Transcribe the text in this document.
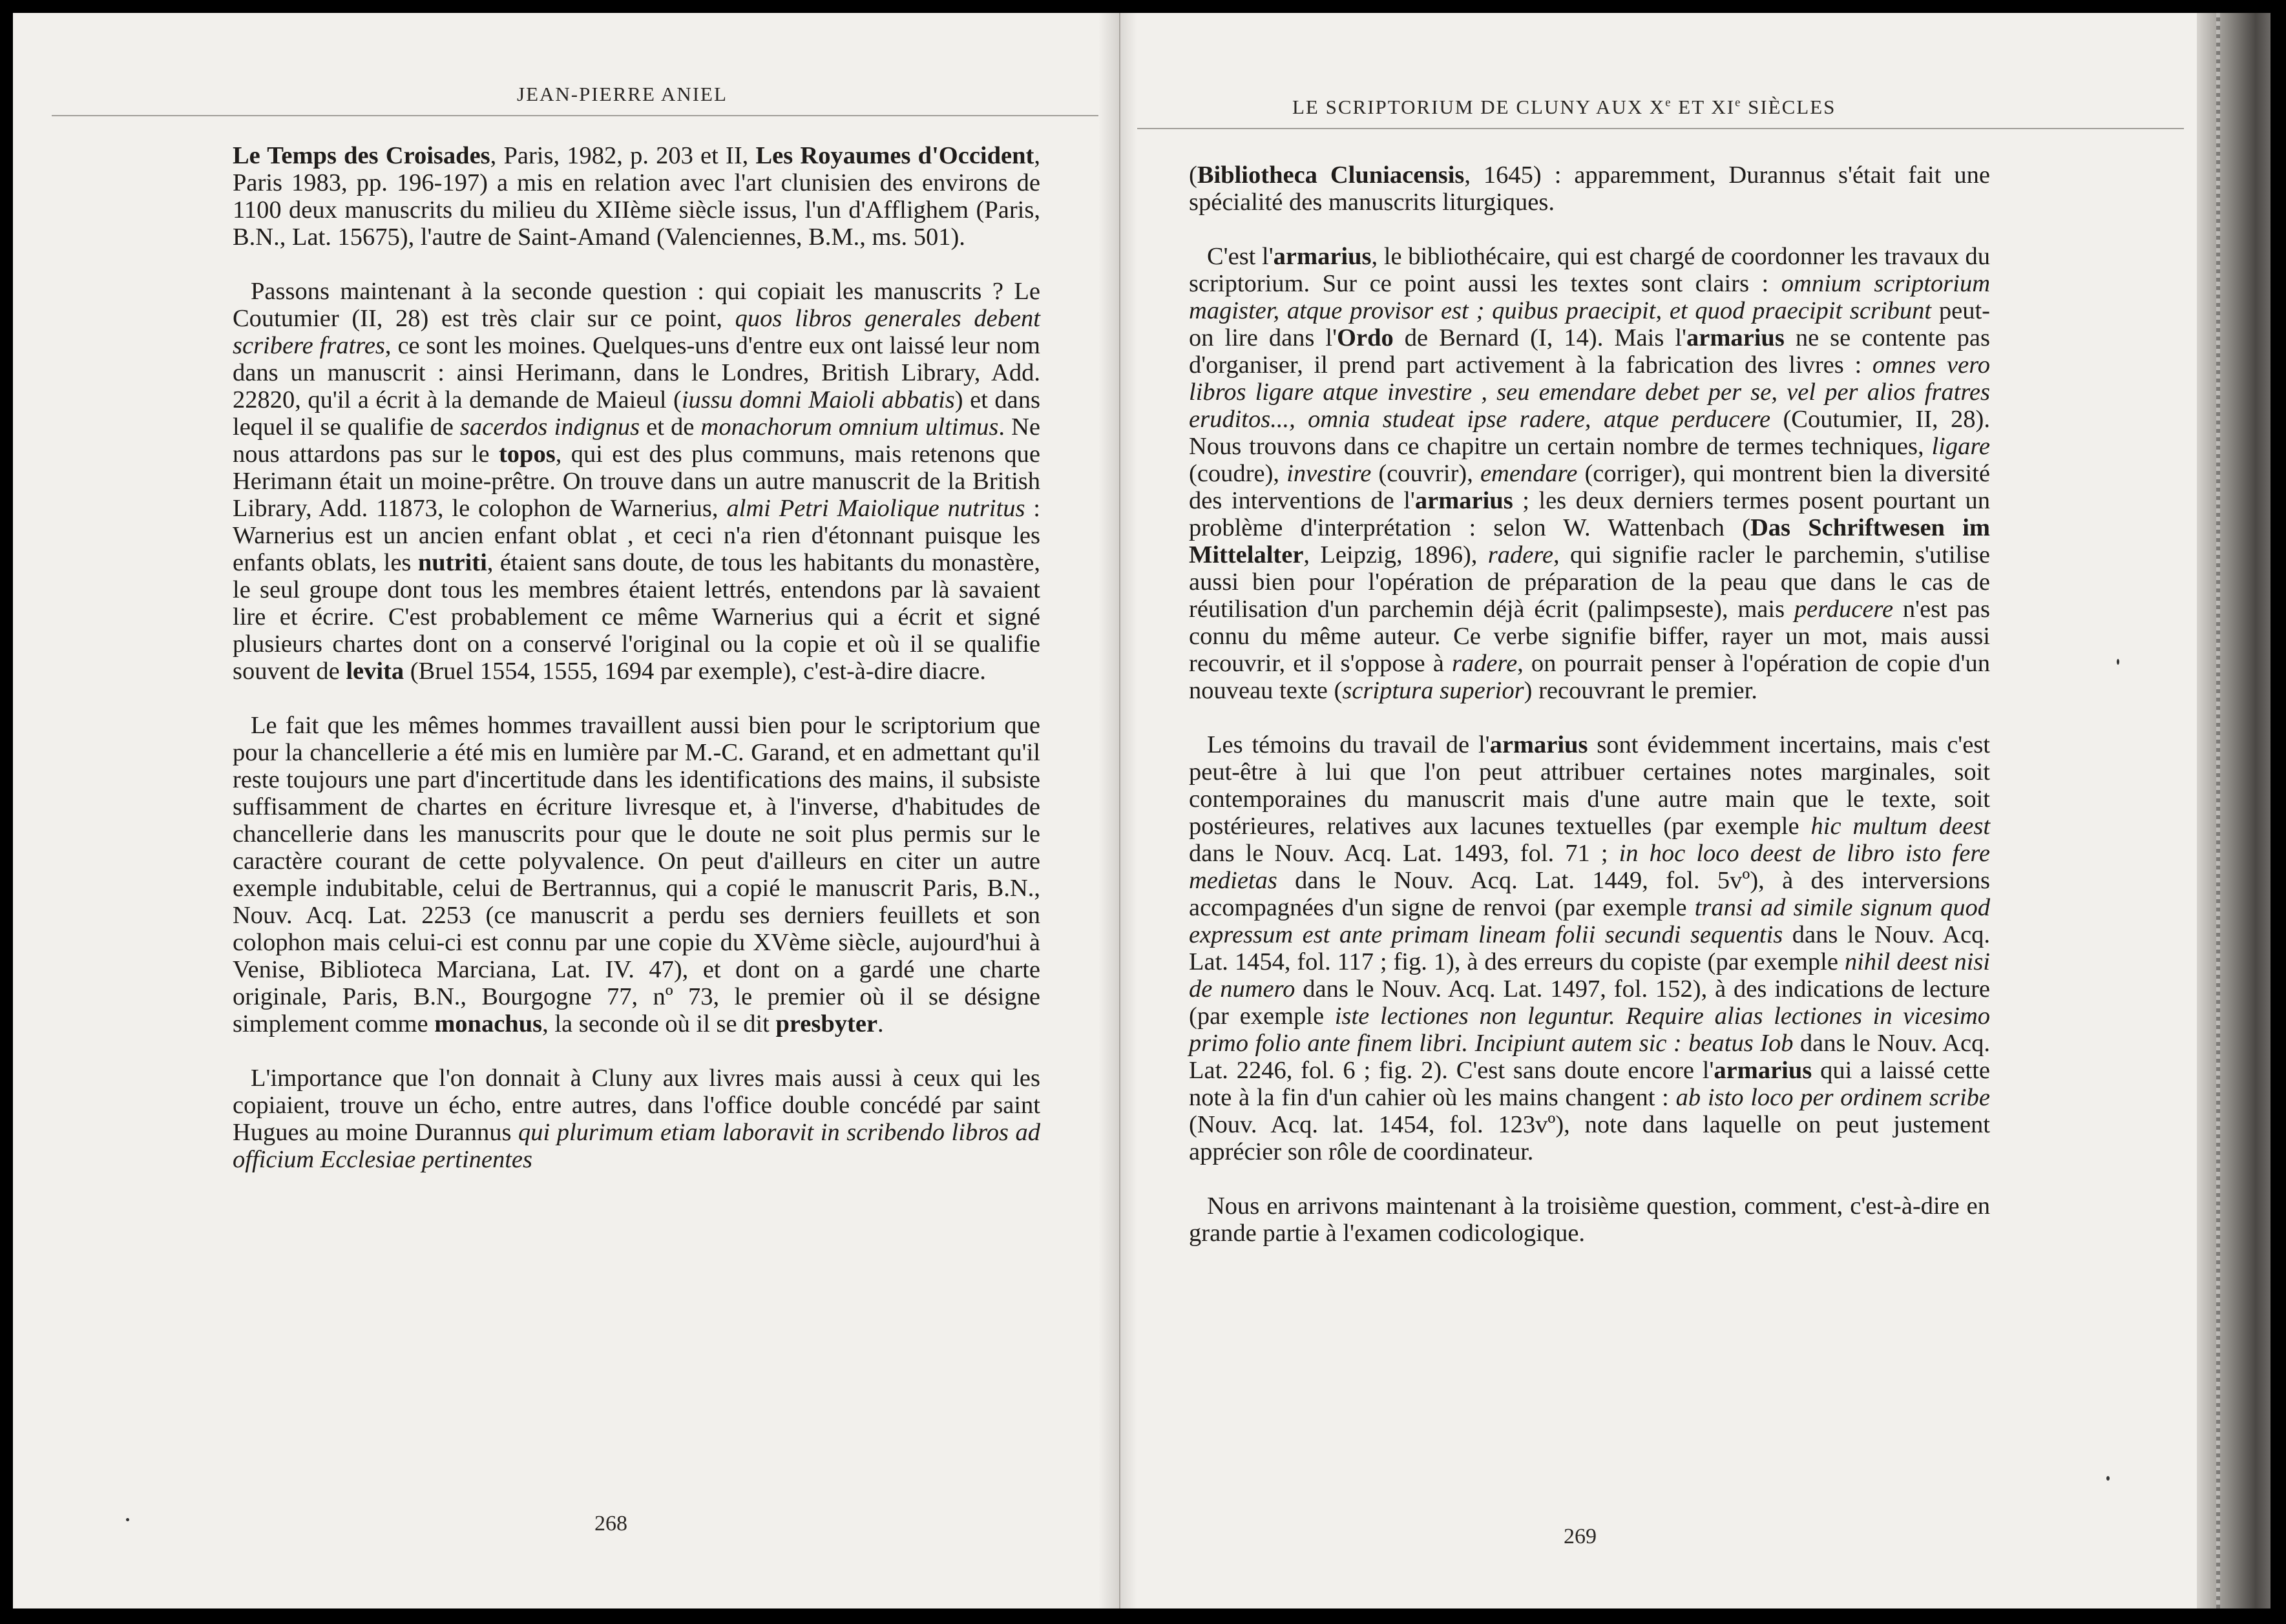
JEAN-PIERRE ANIEL

Le Temps des Croisades, Paris, 1982, p. 203 et II, Les Royaumes d'Occident, Paris 1983, pp. 196-197) a mis en relation avec l'art clunisien des environs de 1100 deux manuscrits du milieu du XIIème siècle issus, l'un d'Afflighem (Paris, B.N., Lat. 15675), l'autre de Saint-Amand (Valenciennes, B.M., ms. 501).

Passons maintenant à la seconde question : qui copiait les manuscrits ? Le Coutumier (II, 28) est très clair sur ce point, quos libros generales debent scribere fratres, ce sont les moines. Quelques-uns d'entre eux ont laissé leur nom dans un manuscrit : ainsi Herimann, dans le Londres, British Library, Add. 22820, qu'il a écrit à la demande de Maieul (iussu domni Maioli abbatis) et dans lequel il se qualifie de sacerdos indignus et de monachorum omnium ultimus. Ne nous attardons pas sur le topos, qui est des plus communs, mais retenons que Herimann était un moine-prêtre. On trouve dans un autre manuscrit de la British Library, Add. 11873, le colophon de Warnerius, almi Petri Maiolique nutritus : Warnerius est un ancien enfant oblat , et ceci n'a rien d'étonnant puisque les enfants oblats, les nutriti, étaient sans doute, de tous les habitants du monastère, le seul groupe dont tous les membres étaient lettrés, entendons par là savaient lire et écrire. C'est probablement ce même Warnerius qui a écrit et signé plusieurs chartes dont on a conservé l'original ou la copie et où il se qualifie souvent de levita (Bruel 1554, 1555, 1694 par exemple), c'est-à-dire diacre.

Le fait que les mêmes hommes travaillent aussi bien pour le scriptorium que pour la chancellerie a été mis en lumière par M.-C. Garand, et en admettant qu'il reste toujours une part d'incertitude dans les identifications des mains, il subsiste suffisamment de chartes en écriture livresque et, à l'inverse, d'habitudes de chancellerie dans les manuscrits pour que le doute ne soit plus permis sur le caractère courant de cette polyvalence. On peut d'ailleurs en citer un autre exemple indubitable, celui de Bertrannus, qui a copié le manuscrit Paris, B.N., Nouv. Acq. Lat. 2253 (ce manuscrit a perdu ses derniers feuillets et son colophon mais celui-ci est connu par une copie du XVème siècle, aujourd'hui à Venise, Biblioteca Marciana, Lat. IV. 47), et dont on a gardé une charte originale, Paris, B.N., Bourgogne 77, nº 73, le premier où il se désigne simplement comme monachus, la seconde où il se dit presbyter.

L'importance que l'on donnait à Cluny aux livres mais aussi à ceux qui les copiaient, trouve un écho, entre autres, dans l'office double concédé par saint Hugues au moine Durannus qui plurimum etiam laboravit in scribendo libros ad officium Ecclesiae pertinentes

268
LE SCRIPTORIUM DE CLUNY AUX Xe ET XIe SIÈCLES

(Bibliotheca Cluniacensis, 1645) : apparemment, Durannus s'était fait une spécialité des manuscrits liturgiques.

C'est l'armarius, le bibliothécaire, qui est chargé de coordonner les travaux du scriptorium. Sur ce point aussi les textes sont clairs : omnium scriptorium magister, atque provisor est ; quibus praecipit, et quod praecipit scribunt peut-on lire dans l'Ordo de Bernard (I, 14). Mais l'armarius ne se contente pas d'organiser, il prend part activement à la fabrication des livres : omnes vero libros ligare atque investire , seu emendare debet per se, vel per alios fratres eruditos..., omnia studeat ipse radere, atque perducere (Coutumier, II, 28). Nous trouvons dans ce chapitre un certain nombre de termes techniques, ligare (coudre), investire (couvrir), emendare (corriger), qui montrent bien la diversité des interventions de l'armarius ; les deux derniers termes posent pourtant un problème d'interprétation : selon W. Wattenbach (Das Schriftwesen im Mittelalter, Leipzig, 1896), radere, qui signifie racler le parchemin, s'utilise aussi bien pour l'opération de préparation de la peau que dans le cas de réutilisation d'un parchemin déjà écrit (palimpseste), mais perducere n'est pas connu du même auteur. Ce verbe signifie biffer, rayer un mot, mais aussi recouvrir, et il s'oppose à radere, on pourrait penser à l'opération de copie d'un nouveau texte (scriptura superior) recouvrant le premier.

Les témoins du travail de l'armarius sont évidemment incertains, mais c'est peut-être à lui que l'on peut attribuer certaines notes marginales, soit contemporaines du manuscrit mais d'une autre main que le texte, soit postérieures, relatives aux lacunes textuelles (par exemple hic multum deest dans le Nouv. Acq. Lat. 1493, fol. 71 ; in hoc loco deest de libro isto fere medietas dans le Nouv. Acq. Lat. 1449, fol. 5vº), à des interversions accompagnées d'un signe de renvoi (par exemple transi ad simile signum quod expressum est ante primam lineam folii secundi sequentis dans le Nouv. Acq. Lat. 1454, fol. 117 ; fig. 1), à des erreurs du copiste (par exemple nihil deest nisi de numero dans le Nouv. Acq. Lat. 1497, fol. 152), à des indications de lecture (par exemple iste lectiones non leguntur. Require alias lectiones in vicesimo primo folio ante finem libri. Incipiunt autem sic : beatus Iob dans le Nouv. Acq. Lat. 2246, fol. 6 ; fig. 2). C'est sans doute encore l'armarius qui a laissé cette note à la fin d'un cahier où les mains changent : ab isto loco per ordinem scribe (Nouv. Acq. lat. 1454, fol. 123vº), note dans laquelle on peut justement apprécier son rôle de coordinateur.

Nous en arrivons maintenant à la troisième question, comment, c'est-à-dire en grande partie à l'examen codicologique.

269
